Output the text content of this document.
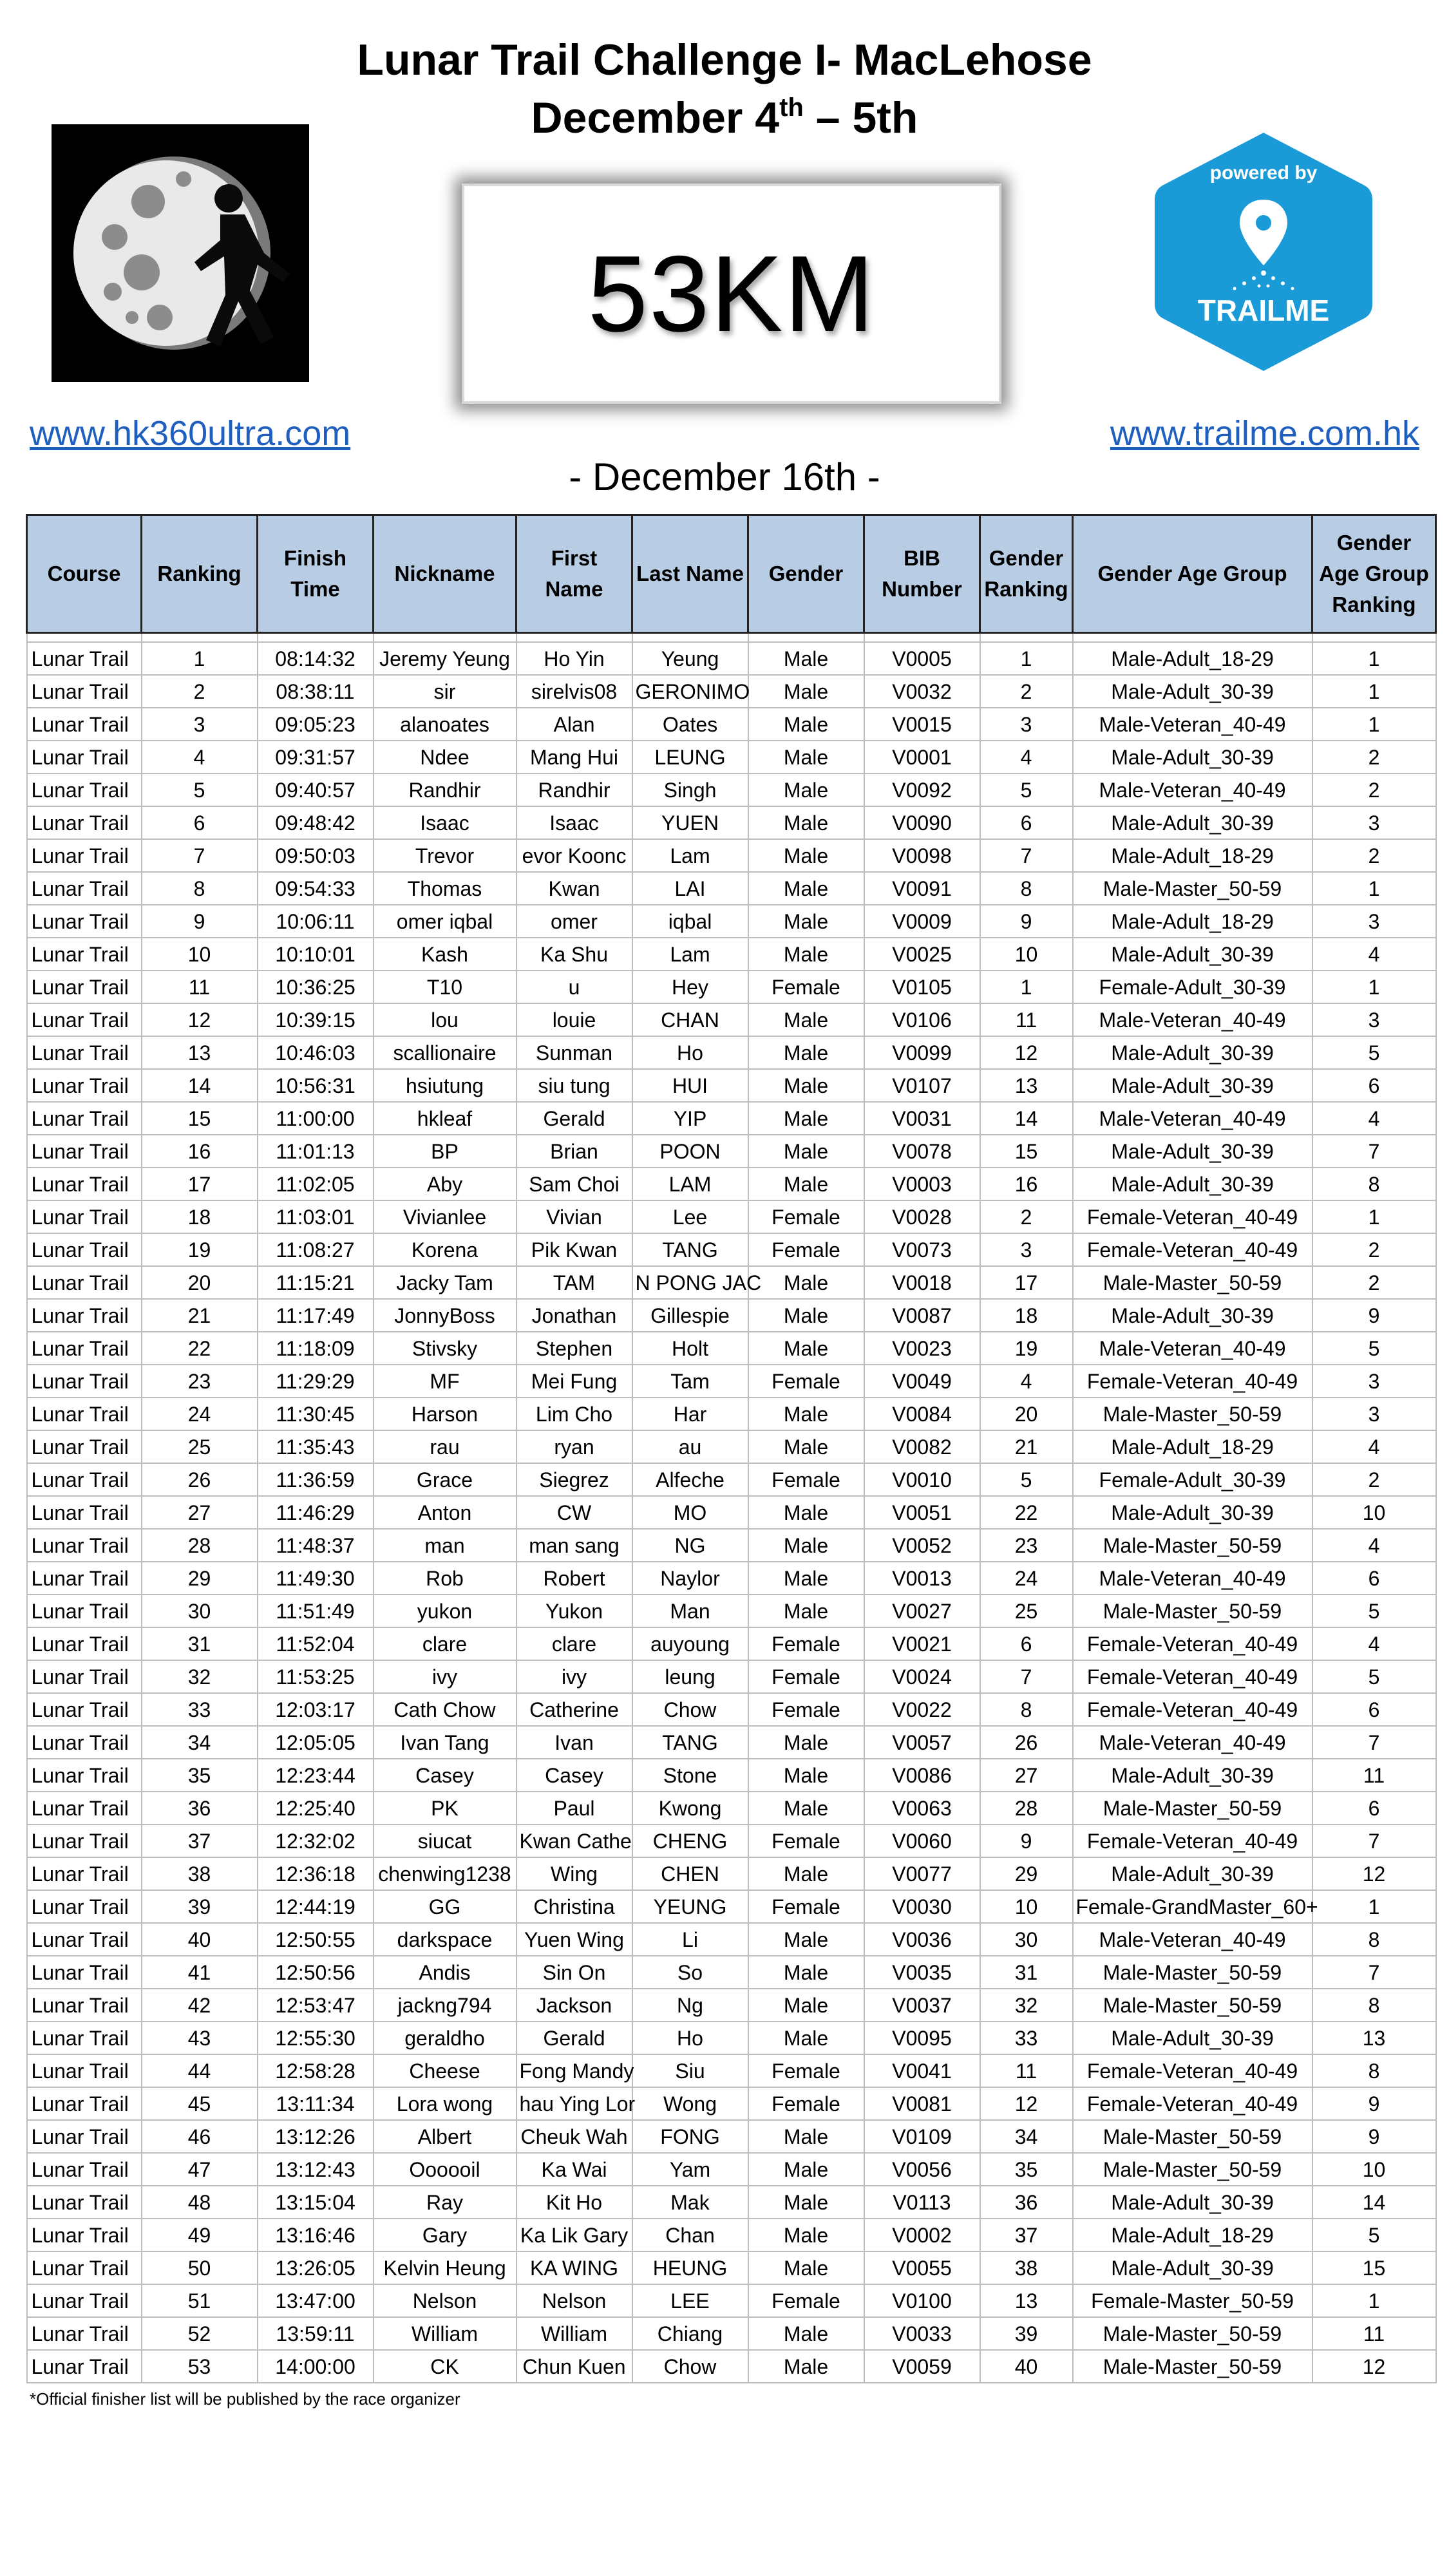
Lunar Trail Challenge I- MacLehose
December 4th – 5th
53KM
powered by
TRAILME
www.hk360ultra.com	www.trailme.com.hk
- December 16th -
Course	Ranking	Finish Time	Nickname	First Name	Last Name	Gender	BIB Number	Gender Ranking	Gender Age Group	Gender Age Group Ranking

Lunar Trail	1	08:14:32	Jeremy Yeung	Ho Yin	Yeung	Male	V0005	1	Male-Adult_18-29	1
Lunar Trail	2	08:38:11	sir	sirelvis08	GERONIMO	Male	V0032	2	Male-Adult_30-39	1
Lunar Trail	3	09:05:23	alanoates	Alan	Oates	Male	V0015	3	Male-Veteran_40-49	1
Lunar Trail	4	09:31:57	Ndee	Mang Hui	LEUNG	Male	V0001	4	Male-Adult_30-39	2
Lunar Trail	5	09:40:57	Randhir	Randhir	Singh	Male	V0092	5	Male-Veteran_40-49	2
Lunar Trail	6	09:48:42	Isaac	Isaac	YUEN	Male	V0090	6	Male-Adult_30-39	3
Lunar Trail	7	09:50:03	Trevor	evor Koonc	Lam	Male	V0098	7	Male-Adult_18-29	2
Lunar Trail	8	09:54:33	Thomas	Kwan	LAI	Male	V0091	8	Male-Master_50-59	1
Lunar Trail	9	10:06:11	omer iqbal	omer	iqbal	Male	V0009	9	Male-Adult_18-29	3
Lunar Trail	10	10:10:01	Kash	Ka Shu	Lam	Male	V0025	10	Male-Adult_30-39	4
Lunar Trail	11	10:36:25	T10	u	Hey	Female	V0105	1	Female-Adult_30-39	1
Lunar Trail	12	10:39:15	lou	louie	CHAN	Male	V0106	11	Male-Veteran_40-49	3
Lunar Trail	13	10:46:03	scallionaire	Sunman	Ho	Male	V0099	12	Male-Adult_30-39	5
Lunar Trail	14	10:56:31	hsiutung	siu tung	HUI	Male	V0107	13	Male-Adult_30-39	6
Lunar Trail	15	11:00:00	hkleaf	Gerald	YIP	Male	V0031	14	Male-Veteran_40-49	4
Lunar Trail	16	11:01:13	BP	Brian	POON	Male	V0078	15	Male-Adult_30-39	7
Lunar Trail	17	11:02:05	Aby	Sam Choi	LAM	Male	V0003	16	Male-Adult_30-39	8
Lunar Trail	18	11:03:01	Vivianlee	Vivian	Lee	Female	V0028	2	Female-Veteran_40-49	1
Lunar Trail	19	11:08:27	Korena	Pik Kwan	TANG	Female	V0073	3	Female-Veteran_40-49	2
Lunar Trail	20	11:15:21	Jacky Tam	TAM	N PONG JAC	Male	V0018	17	Male-Master_50-59	2
Lunar Trail	21	11:17:49	JonnyBoss	Jonathan	Gillespie	Male	V0087	18	Male-Adult_30-39	9
Lunar Trail	22	11:18:09	Stivsky	Stephen	Holt	Male	V0023	19	Male-Veteran_40-49	5
Lunar Trail	23	11:29:29	MF	Mei Fung	Tam	Female	V0049	4	Female-Veteran_40-49	3
Lunar Trail	24	11:30:45	Harson	Lim Cho	Har	Male	V0084	20	Male-Master_50-59	3
Lunar Trail	25	11:35:43	rau	ryan	au	Male	V0082	21	Male-Adult_18-29	4
Lunar Trail	26	11:36:59	Grace	Siegrez	Alfeche	Female	V0010	5	Female-Adult_30-39	2
Lunar Trail	27	11:46:29	Anton	CW	MO	Male	V0051	22	Male-Adult_30-39	10
Lunar Trail	28	11:48:37	man	man sang	NG	Male	V0052	23	Male-Master_50-59	4
Lunar Trail	29	11:49:30	Rob	Robert	Naylor	Male	V0013	24	Male-Veteran_40-49	6
Lunar Trail	30	11:51:49	yukon	Yukon	Man	Male	V0027	25	Male-Master_50-59	5
Lunar Trail	31	11:52:04	clare	clare	auyoung	Female	V0021	6	Female-Veteran_40-49	4
Lunar Trail	32	11:53:25	ivy	ivy	leung	Female	V0024	7	Female-Veteran_40-49	5
Lunar Trail	33	12:03:17	Cath Chow	Catherine	Chow	Female	V0022	8	Female-Veteran_40-49	6
Lunar Trail	34	12:05:05	Ivan Tang	Ivan	TANG	Male	V0057	26	Male-Veteran_40-49	7
Lunar Trail	35	12:23:44	Casey	Casey	Stone	Male	V0086	27	Male-Adult_30-39	11
Lunar Trail	36	12:25:40	PK	Paul	Kwong	Male	V0063	28	Male-Master_50-59	6
Lunar Trail	37	12:32:02	siucat	Kwan Cathe	CHENG	Female	V0060	9	Female-Veteran_40-49	7
Lunar Trail	38	12:36:18	chenwing1238	Wing	CHEN	Male	V0077	29	Male-Adult_30-39	12
Lunar Trail	39	12:44:19	GG	Christina	YEUNG	Female	V0030	10	Female-GrandMaster_60+	1
Lunar Trail	40	12:50:55	darkspace	Yuen Wing	Li	Male	V0036	30	Male-Veteran_40-49	8
Lunar Trail	41	12:50:56	Andis	Sin On	So	Male	V0035	31	Male-Master_50-59	7
Lunar Trail	42	12:53:47	jackng794	Jackson	Ng	Male	V0037	32	Male-Master_50-59	8
Lunar Trail	43	12:55:30	geraldho	Gerald	Ho	Male	V0095	33	Male-Adult_30-39	13
Lunar Trail	44	12:58:28	Cheese	Fong Mandy	Siu	Female	V0041	11	Female-Veteran_40-49	8
Lunar Trail	45	13:11:34	Lora wong	hau Ying Lor	Wong	Female	V0081	12	Female-Veteran_40-49	9
Lunar Trail	46	13:12:26	Albert	Cheuk Wah	FONG	Male	V0109	34	Male-Master_50-59	9
Lunar Trail	47	13:12:43	Oooooil	Ka Wai	Yam	Male	V0056	35	Male-Master_50-59	10
Lunar Trail	48	13:15:04	Ray	Kit Ho	Mak	Male	V0113	36	Male-Adult_30-39	14
Lunar Trail	49	13:16:46	Gary	Ka Lik Gary	Chan	Male	V0002	37	Male-Adult_18-29	5
Lunar Trail	50	13:26:05	Kelvin Heung	KA WING	HEUNG	Male	V0055	38	Male-Adult_30-39	15
Lunar Trail	51	13:47:00	Nelson	Nelson	LEE	Female	V0100	13	Female-Master_50-59	1
Lunar Trail	52	13:59:11	William	William	Chiang	Male	V0033	39	Male-Master_50-59	11
Lunar Trail	53	14:00:00	CK	Chun Kuen	Chow	Male	V0059	40	Male-Master_50-59	12
*Official finisher list will be published by the race organizer
